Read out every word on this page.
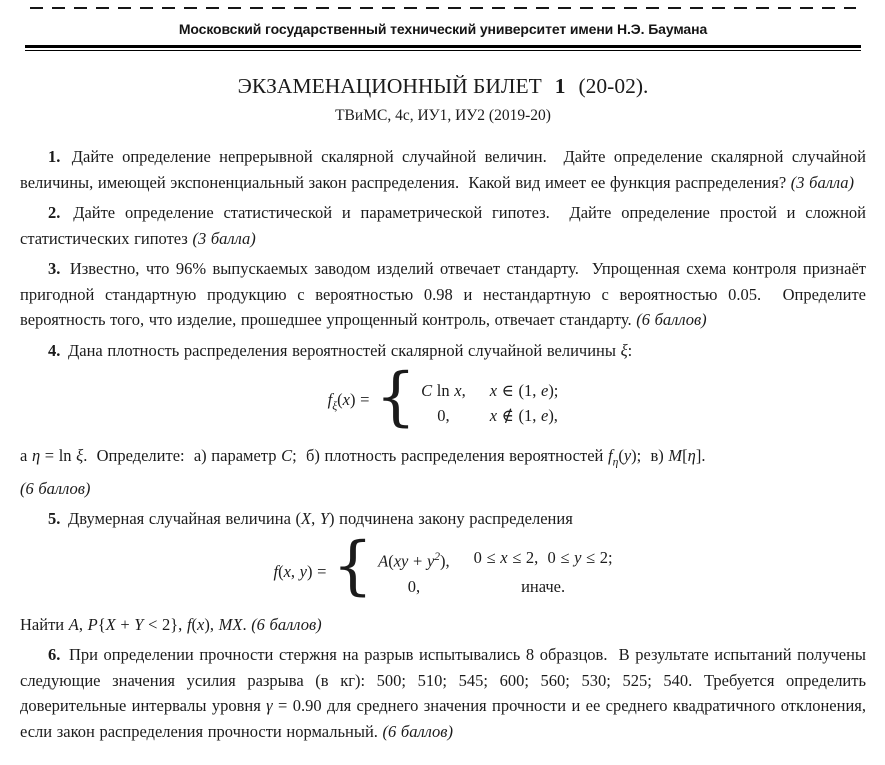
Московский государственный технический университет имени Н.Э. Баумана
ЭКЗАМЕНАЦИОННЫЙ БИЛЕТ 1 (20-02).
ТВиМС, 4с, ИУ1, ИУ2 (2019-20)

1. Дайте определение непрерывной скалярной случайной величин.  Дайте определение скалярной случайной величины, имеющей экспоненциальный закон распределения.  Какой вид имеет ее функция распределения? (3 балла)

2. Дайте определение статистической и параметрической гипотез.  Дайте определение простой и сложной статистических гипотез (3 балла)

3. Известно, что 96% выпускаемых заводом изделий отвечает стандарту.  Упрощенная схема контроля признаёт пригодной стандартную продукцию с вероятностью 0.98 и нестандартную с вероятностью 0.05.  Определите вероятность того, что изделие, прошедшее упрощенный контроль, отвечает стандарту. (6 баллов)

4. Дана плотность распределения вероятностей скалярной случайной величины ξ:

$f_\xi(x)$ = { C ln x, x ∈ (1, e);
0,	x ∉ (1, e),

а η = ln ξ.  Определите:  а) параметр C;  б) плотность распределения вероятностей $f_\eta(y)$;  в) M[η].
(6 баллов)

5. Двумерная случайная величина (X, Y) подчинена закону распределения

f(x, y) = { $A(xy + y^2)$, 0 ≤ x ≤ 2,  0 ≤ y ≤ 2;
0,	иначе.

Найти A, P{X + Y < 2}, f(x), MX. (6 баллов)

6. При определении прочности стержня на разрыв испытывались 8 образцов.  В результате испытаний получены следующие значения усилия разрыва (в кг): 500; 510; 545; 600; 560; 530; 525; 540. Требуется определить доверительные интервалы уровня γ = 0.90 для среднего значения прочности и ее среднего квадратичного отклонения, если закон распределения прочности нормальный. (6 баллов)
